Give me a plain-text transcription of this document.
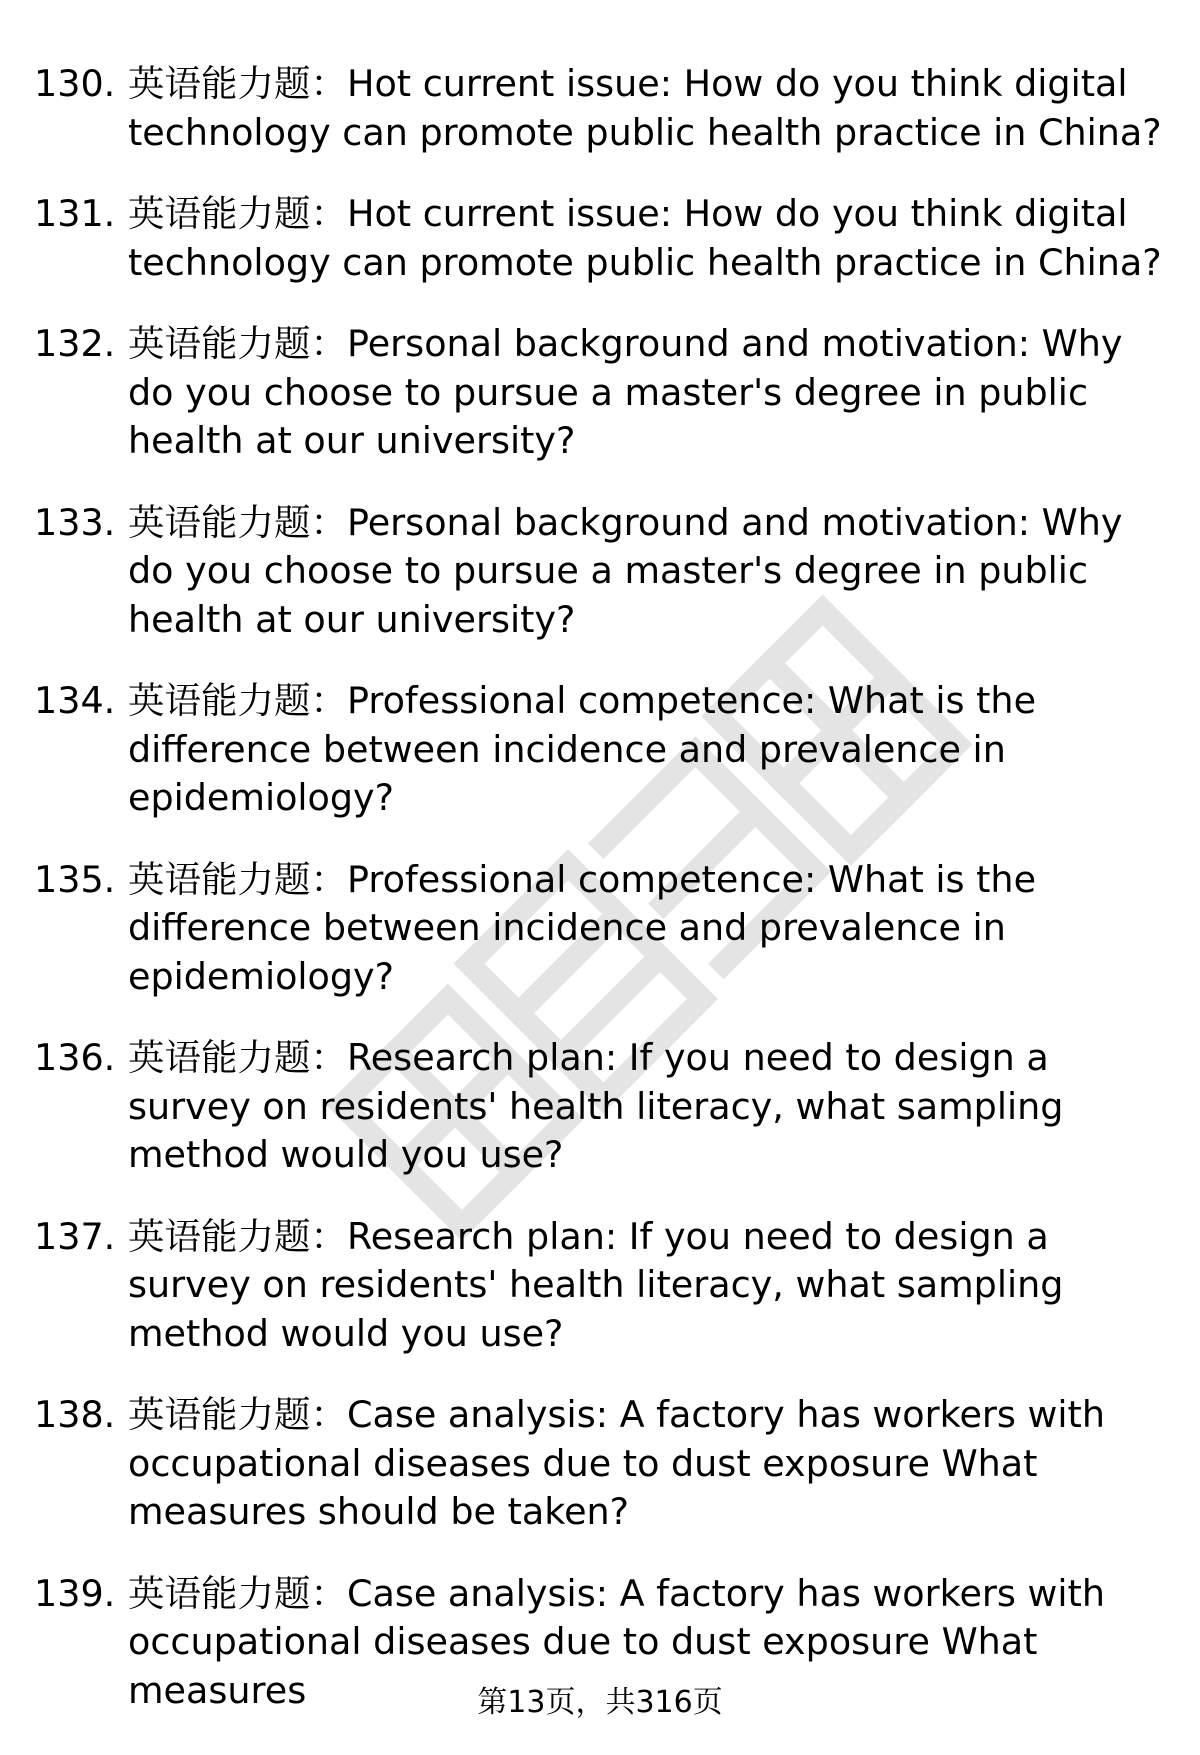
130. 英语能力题：Hot current issue: How do you think digital technology can promote public health practice in China?
131. 英语能力题：Hot current issue: How do you think digital technology can promote public health practice in China?
132. 英语能力题：Personal background and motivation: Why do you choose to pursue a master's degree in public health at our university?
133. 英语能力题：Personal background and motivation: Why do you choose to pursue a master's degree in public health at our university?
134. 英语能力题：Professional competence: What is the difference between incidence and prevalence in epidemiology?
135. 英语能力题：Professional competence: What is the difference between incidence and prevalence in epidemiology?
136. 英语能力题：Research plan: If you need to design a survey on residents' health literacy, what sampling method would you use?
137. 英语能力题：Research plan: If you need to design a survey on residents' health literacy, what sampling method would you use?
138. 英语能力题：Case analysis: A factory has workers with occupational diseases due to dust exposure What measures should be taken?
139. 英语能力题：Case analysis: A factory has workers with occupational diseases due to dust exposure What measures	第13页，共316页
